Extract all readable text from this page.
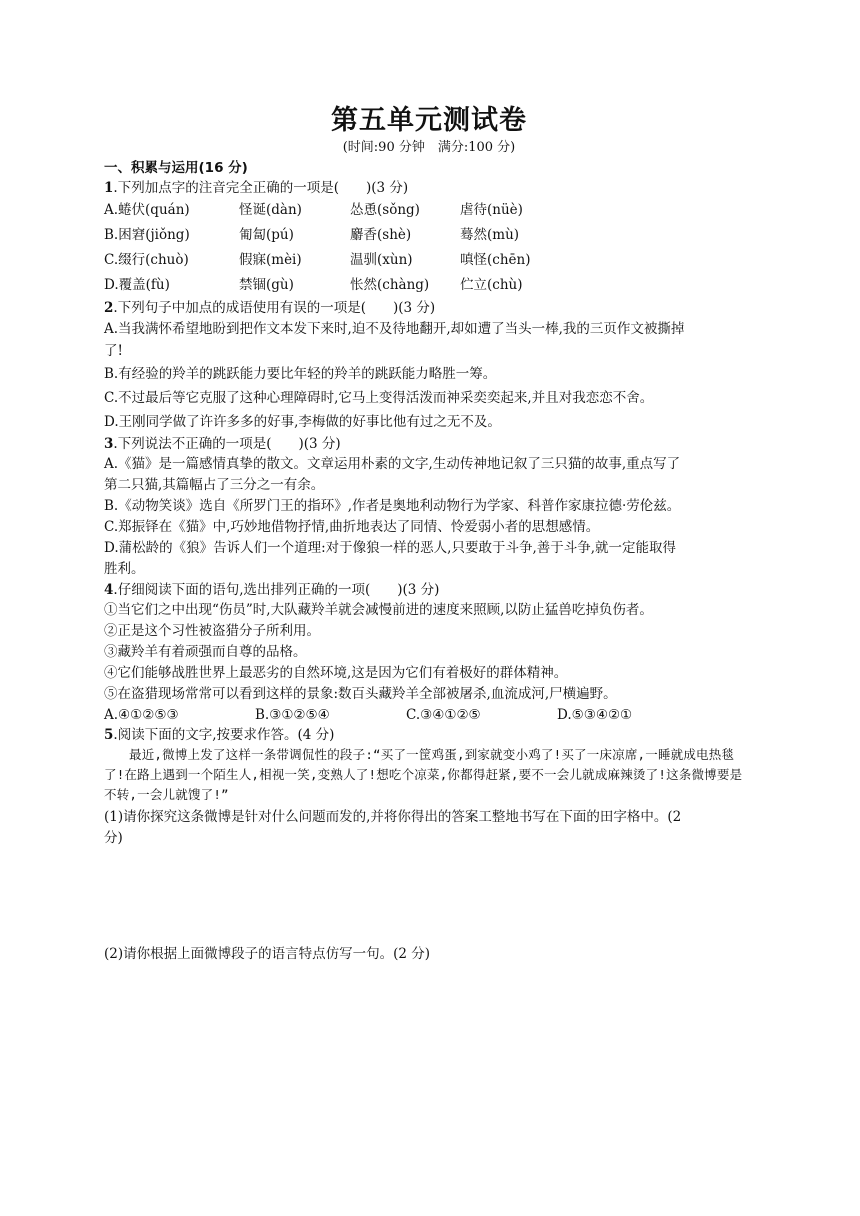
第五单元测试卷
(时间:90 分钟　满分:100 分)
一、积累与运用(16 分)
1.下列加点字的注音完全正确的一项是(　　)(3 分)
A.蜷伏(quán)	怪诞(dàn)	怂恿(sǒng)	虐待(nüè)
B.困窘(jiǒng)	匍匐(pú)	麝香(shè)	蓦然(mù)
C.缀行(chuò)	假寐(mèi)	温驯(xùn)	嗔怪(chēn)
D.覆盖(fù)	禁锢(gù)	怅然(chàng)	伫立(chù)
2.下列句子中加点的成语使用有误的一项是(　　)(3 分)
A.当我满怀希望地盼到把作文本发下来时,迫不及待地翻开,却如遭了当头一棒,我的三页作文被撕掉
了!
B.有经验的羚羊的跳跃能力要比年轻的羚羊的跳跃能力略胜一筹。
C.不过最后等它克服了这种心理障碍时,它马上变得活泼而神采奕奕起来,并且对我恋恋不舍。
D.王刚同学做了许许多多的好事,李梅做的好事比他有过之无不及。
3.下列说法不正确的一项是(　　)(3 分)
A.《猫》是一篇感情真挚的散文。文章运用朴素的文字,生动传神地记叙了三只猫的故事,重点写了
第二只猫,其篇幅占了三分之一有余。
B.《动物笑谈》选自《所罗门王的指环》,作者是奥地利动物行为学家、科普作家康拉德·劳伦兹。
C.郑振铎在《猫》中,巧妙地借物抒情,曲折地表达了同情、怜爱弱小者的思想感情。
D.蒲松龄的《狼》告诉人们一个道理:对于像狼一样的恶人,只要敢于斗争,善于斗争,就一定能取得
胜利。
4.仔细阅读下面的语句,选出排列正确的一项(　　)(3 分)
①当它们之中出现“伤员”时,大队藏羚羊就会减慢前进的速度来照顾,以防止猛兽吃掉负伤者。
②正是这个习性被盗猎分子所利用。
③藏羚羊有着顽强而自尊的品格。
④它们能够战胜世界上最恶劣的自然环境,这是因为它们有着极好的群体精神。
⑤在盗猎现场常常可以看到这样的景象:数百头藏羚羊全部被屠杀,血流成河,尸横遍野。
A.④①②⑤③	B.③①②⑤④	C.③④①②⑤	D.⑤③④②①
5.阅读下面的文字,按要求作答。(4 分)
最近,微博上发了这样一条带调侃性的段子:“买了一筐鸡蛋,到家就变小鸡了!买了一床凉席,一睡就成电热毯了!在路上遇到一个陌生人,相视一笑,变熟人了!想吃个凉菜,你都得赶紧,要不一会儿就成麻辣烫了!这条微博要是不转,一会儿就馊了!”
(1)请你探究这条微博是针对什么问题而发的,并将你得出的答案工整地书写在下面的田字格中。(2
分)
(2)请你根据上面微博段子的语言特点仿写一句。(2 分)
